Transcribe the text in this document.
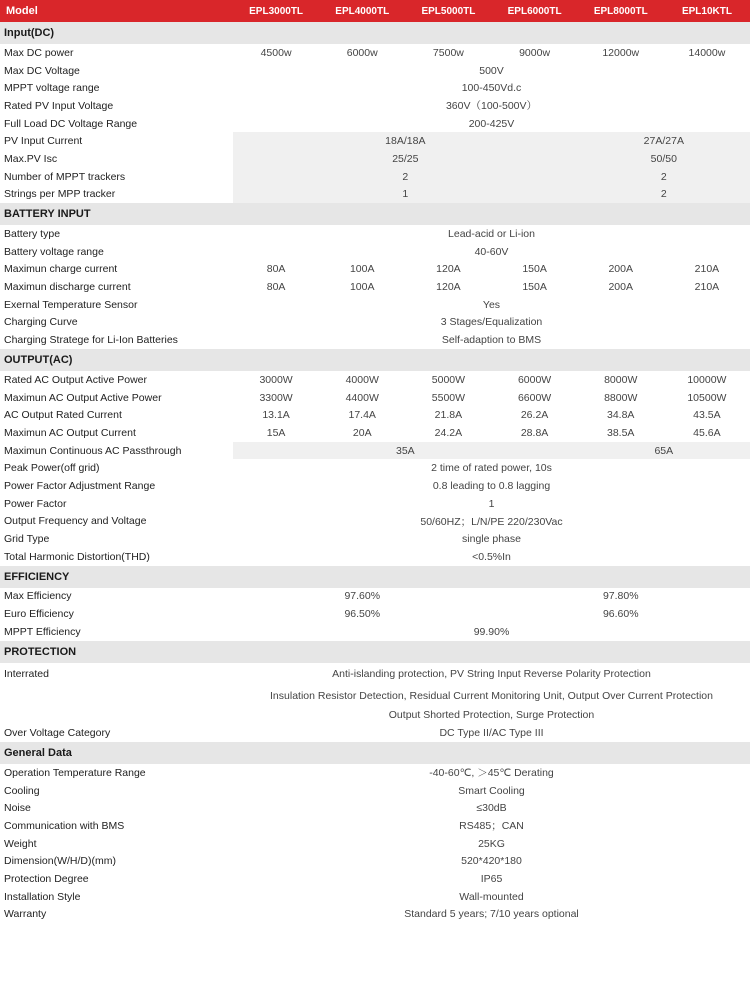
Model	EPL3000TL	EPL4000TL	EPL5000TL	EPL6000TL	EPL8000TL	EPL10KTL
Input(DC)
Max DC power	4500w	6000w	7500w	9000w	12000w	14000w
Max DC Voltage	500V
MPPT voltage range	100-450Vd.c
Rated PV Input Voltage	360V（100-500V）
Full Load DC Voltage Range	200-425V
PV Input Current	18A/18A	27A/27A
Max.PV Isc	25/25	50/50
Number of MPPT trackers	2	2
Strings per MPP tracker	1	2
BATTERY INPUT
Battery type	Lead-acid or Li-ion
Battery voltage range	40-60V
Maximun charge current	80A	100A	120A	150A	200A	210A
Maximun discharge current	80A	100A	120A	150A	200A	210A
Exernal Temperature Sensor	Yes
Charging Curve	3 Stages/Equalization
Charging Stratege for Li-Ion Batteries	Self-adaption to BMS
OUTPUT(AC)
Rated AC Output Active Power	3000W	4000W	5000W	6000W	8000W	10000W
Maximun AC Output Active Power	3300W	4400W	5500W	6600W	8800W	10500W
AC Output Rated Current	13.1A	17.4A	21.8A	26.2A	34.8A	43.5A
Maximun AC Output Current	15A	20A	24.2A	28.8A	38.5A	45.6A
Maximun Continuous AC Passthrough	35A	65A
Peak Power(off grid)	2 time of rated power, 10s
Power Factor Adjustment Range	0.8 leading to 0.8 lagging
Power Factor	1
Output Frequency and Voltage	50/60HZ；L/N/PE 220/230Vac
Grid Type	single phase
Total Harmonic Distortion(THD)	<0.5%In
EFFICIENCY
Max Efficiency	97.60%	97.80%
Euro Efficiency	96.50%	96.60%
MPPT Efficiency	99.90%
PROTECTION
Interrated	Anti-islanding protection, PV String Input Reverse Polarity Protection
Insulation Resistor Detection, Residual Current Monitoring Unit, Output Over Current Protection
Output Shorted Protection, Surge Protection
Over Voltage Category	DC Type II/AC Type III
General Data
Operation Temperature Range	-40-60℃, ＞45℃ Derating
Cooling	Smart Cooling
Noise	≤30dB
Communication with BMS	RS485；CAN
Weight	25KG
Dimension(W/H/D)(mm)	520*420*180
Protection Degree	IP65
Installation Style	Wall-mounted
Warranty	Standard 5 years; 7/10 years optional
